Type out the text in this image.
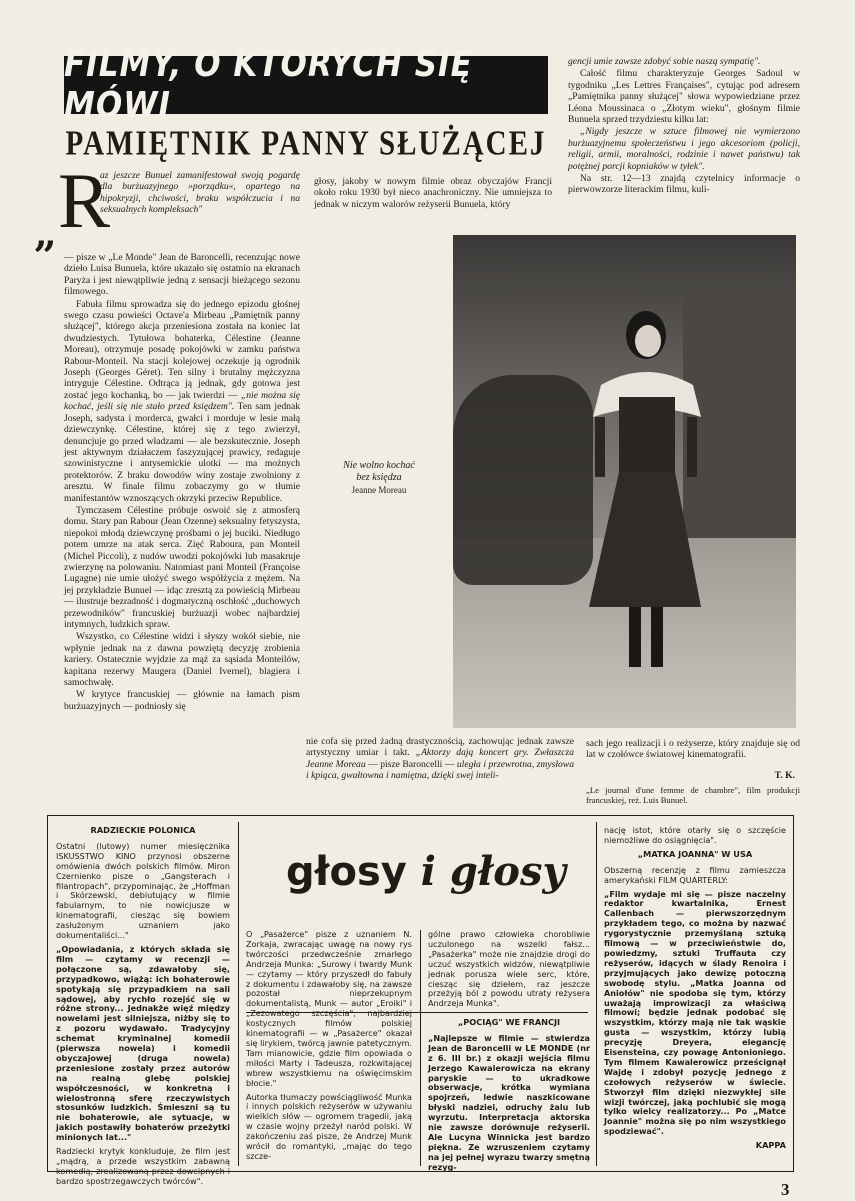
FILMY, O KTÓRYCH SIĘ MÓWI
PAMIĘTNIK PANNY SŁUŻĄCEJ
R
„

az jeszcze Bunuel zamanifestował swoją pogardę dla burżuazyjnego »porządku«, opartego na hipokryzji, chciwości, braku współczucia i na seksualnych kompleksach"

— pisze w „Le Monde" Jean de Baroncelli, recenzując nowe dzieło Luisa Bunuela, które ukazało się ostatnio na ekranach Paryża i jest niewątpliwie jedną z sensacji bieżącego sezonu filmowego.

Fabuła filmu sprowadza się do jednego epizodu głośnej swego czasu powieści Octave'a Mirbeau „Pamiętnik panny służącej", którego akcja przeniesiona została na koniec lat dwudziestych. Tytułowa bohaterka, Célestine (Jeanne Moreau), otrzymuje posadę pokojówki w zamku państwa Rabour-Monteil. Na stacji kolejowej oczekuje ją ogrodnik Joseph (Georges Géret). Ten silny i brutalny mężczyzna intryguje Célestine. Odtrąca ją jednak, gdy gotowa jest zostać jego kochanką, bo — jak twierdzi — „nie można się kochać, jeśli się nie stało przed księdzem". Ten sam jednak Joseph, sadysta i morderca, gwałci i morduje w lesie małą dziewczynkę. Célestine, której się z tego zwierzył, denuncjuje go przed władzami — ale bezskutecznie. Joseph jest aktywnym działaczem faszyzującej prawicy, redaguje szowinistyczne i antysemickie ulotki — ma możnych protektorów. Z braku dowodów winy zostaje zwolniony z aresztu. W finale filmu zobaczymy go w tłumie manifestantów wznoszących okrzyki przeciw Republice.

Tymczasem Célestine próbuje oswoić się z atmosferą domu. Stary pan Rabour (Jean Ozenne) seksualny fetyszysta, niepokoi młodą dziewczynę prośbami o jej buciki. Niedługo potem umrze na atak serca. Zięć Raboura, pan Monteil (Michel Piccoli), z nudów uwodzi pokojówki lub masakruje zwierzynę na polowaniu. Natomiast pani Monteil (Françoise Lugagne) nie umie ułożyć swego współżycia z mężem. Na jej przykładzie Bunuel — idąc zresztą za powieścią Mirbeau — ilustruje bezradność i dogmatyczną oschłość „duchowych przewodników" francuskiej burżuazji wobec najbardziej intymnych, ludzkich spraw.

Wszystko, co Célestine widzi i słyszy wokół siebie, nie wpłynie jednak na z dawna powziętą decyzję zrobienia kariery. Ostatecznie wyjdzie za mąż za sąsiada Monteilów, kapitana rezerwy Maugera (Daniel Ivernel), blagiera i samochwałę.

W krytyce francuskiej — głównie na łamach pism burżuazyjnych — podniosły się

głosy, jakoby w nowym filmie obraz obyczajów Francji około roku 1930 był nieco anachroniczny. Nie umniejsza to jednak w niczym walorów reżyserii Bunuela, który

gencji umie zawsze zdobyć sobie naszą sympatię".

Całość filmu charakteryzuje Georges Sadoul w tygodniku „Les Lettres Françaises", cytując pod adresem „Pamiętnika panny służącej" słowa wypowiedziane przez Léona Moussinaca o „Złotym wieku", głośnym filmie Bunuela sprzed trzydziestu kilku lat:

„Nigdy jeszcze w sztuce filmowej nie wymierzono burżuazyjnemu społeczeństwu i jego akcesoriom (policji, religii, armii, moralności, rodzinie i nawet państwu) tak potężnej porcji kopniaków w tyłek".

Na str. 12—13 znajdą czytelnicy informacje o pierwowzorze literackim filmu, kuli-

Nie wolno kochać
bez księdza
Jeanne Moreau

nie cofa się przed żadną drastycznością, zachowując jednak zawsze artystyczny umiar i takt. „Aktorzy dają koncert gry. Zwłaszcza Jeanne Moreau — pisze Baroncelli — uległa i przewrotna, zmysłowa i kpiąca, gwałtowna i namiętna, dzięki swej inteli-

sach jego realizacji i o reżyserze, który znajduje się od lat w czołówce światowej kinematografii.

T. K.
„Le journal d'une femme de chambre", film produkcji francuskiej, reż. Luis Bunuel.
głosy i głosy

RADZIECKIE POLONICA

Ostatni (lutowy) numer miesięcznika ISKUSSTWO KINO przynosi obszerne omówienia dwóch polskich filmów. Miron Czernienko pisze o „Gangsterach i filantropach", przypominając, że „Hoffman i Skórzewski, debiutujący w filmie fabularnym, to nie nowicjusze w kinematografii, ciesząc się bowiem zasłużonym uznaniem jako dokumentaliści..."

„Opowiadania, z których składa się film — czytamy w recenzji — połączone są, zdawałoby się, przypadkowo, wiążą: ich bohaterowie spotykają się przypadkiem na sali sądowej, aby rychło rozejść się w różne strony... Jednakże więź między nowelami jest silniejsza, niżby się to z pozoru wydawało. Tradycyjny schemat kryminalnej komedii (pierwsza nowela) i komedii obyczajowej (druga nowela) przeniesione zostały przez autorów na realną glebę polskiej współczesności, w konkretną i wielostronną sferę rzeczywistych stosunków ludzkich. Śmieszni są tu nie bohaterowie, ale sytuacje, w jakich postawiły bohaterów przeżytki minionych lat..."

Radziecki krytyk konkluduje, że film jest „mądrą, a przede wszystkim zabawną komedią, zrealizowaną przez dowcipnych i bardzo spostrzegawczych twórców".

O „Pasażerce" pisze z uznaniem N. Zorkaja, zwracając uwagę na nowy rys twórczości przedwcześnie zmarłego Andrzeja Munka: „Surowy i twardy Munk — czytamy — który przyszedł do fabuły z dokumentu i zdawałoby się, na zawsze pozostał nieprzekupnym dokumentalistą, Munk — autor „Eroiki" i „Zezowatego szczęścia", najbardziej kostycznych filmów polskiej kinematografii — w „Pasażerce" okazał się lirykiem, twórcą jawnie patetycznym. Tam mianowicie, gdzie film opowiada o miłości Marty i Tadeusza, rozkwitającej wbrew wszystkiemu na oświęcimskim błocie."

Autorka tłumaczy powściągliwość Munka i innych polskich reżyserów w używaniu wielkich słów — ogromem tragedii, jaką w czasie wojny przeżył naród polski. W zakończeniu zaś pisze, że Andrzej Munk wrócił do romantyki, „mając do tego szcze-

gólne prawo człowieka chorobliwie uczulonego na wszelki fałsz... „Pasażerka" może nie znajdzie drogi do uczuć wszystkich widzów, niewątpliwie jednak porusza wiele serc, które, ciesząc się dziełem, raz jeszcze przeżyją ból z powodu utraty reżysera Andrzeja Munka".

„POCIĄG" WE FRANCJI

„Najlepsze w filmie — stwierdza Jean de Baroncelli w LE MONDE (nr z 6. III br.) z okazji wejścia filmu Jerzego Kawalerowicza na ekrany paryskie — to ukradkowe obserwacje, krótka wymiana spojrzeń, ledwie naszkicowane błyski nadziei, odruchy żalu lub wyrzutu. Interpretacja aktorska nie zawsze dorównuje reżyserii. Ale Lucyna Winnicka jest bardzo piękna. Ze wzruszeniem czytamy na jej pełnej wyrazu twarzy smętną rezyg-

nację istot, które otarły się o szczęście niemożliwe do osiągnięcia".

„MATKA JOANNA" W USA

Obszerną recenzję z filmu zamieszcza amerykański FILM QUARTERLY:

„Film wydaje mi się — pisze naczelny redaktor kwartalnika, Ernest Callenbach — pierwszorzędnym przykładem tego, co można by nazwać rygorystycznie przemyślaną sztuką filmową — w przeciwieństwie do, powiedzmy, sztuki Truffauta czy reżyserów, idących w ślady Renoira i przyjmujących jako dewizę potoczną swobodę stylu. „Matka Joanna od Aniołów" nie spodoba się tym, którzy uważają improwizacji za właściwą filmowi; będzie jednak podobać się wszystkim, którzy mają nie tak wąskie gusta — wszystkim, którzy lubią precyzję Dreyera, elegancję Eisensteina, czy powagę Antonioniego. Tym filmem Kawalerowicz prześcignął Wajdę i zdobył pozycję jednego z czołowych reżyserów w świecie. Stworzył film dzięki niezwykłej sile wizji twórczej, jaką pochlubić się mogą tylko wielcy realizatorzy... Po „Matce Joannie" można się po nim wszystkiego spodziewać".

KAPPA

3
